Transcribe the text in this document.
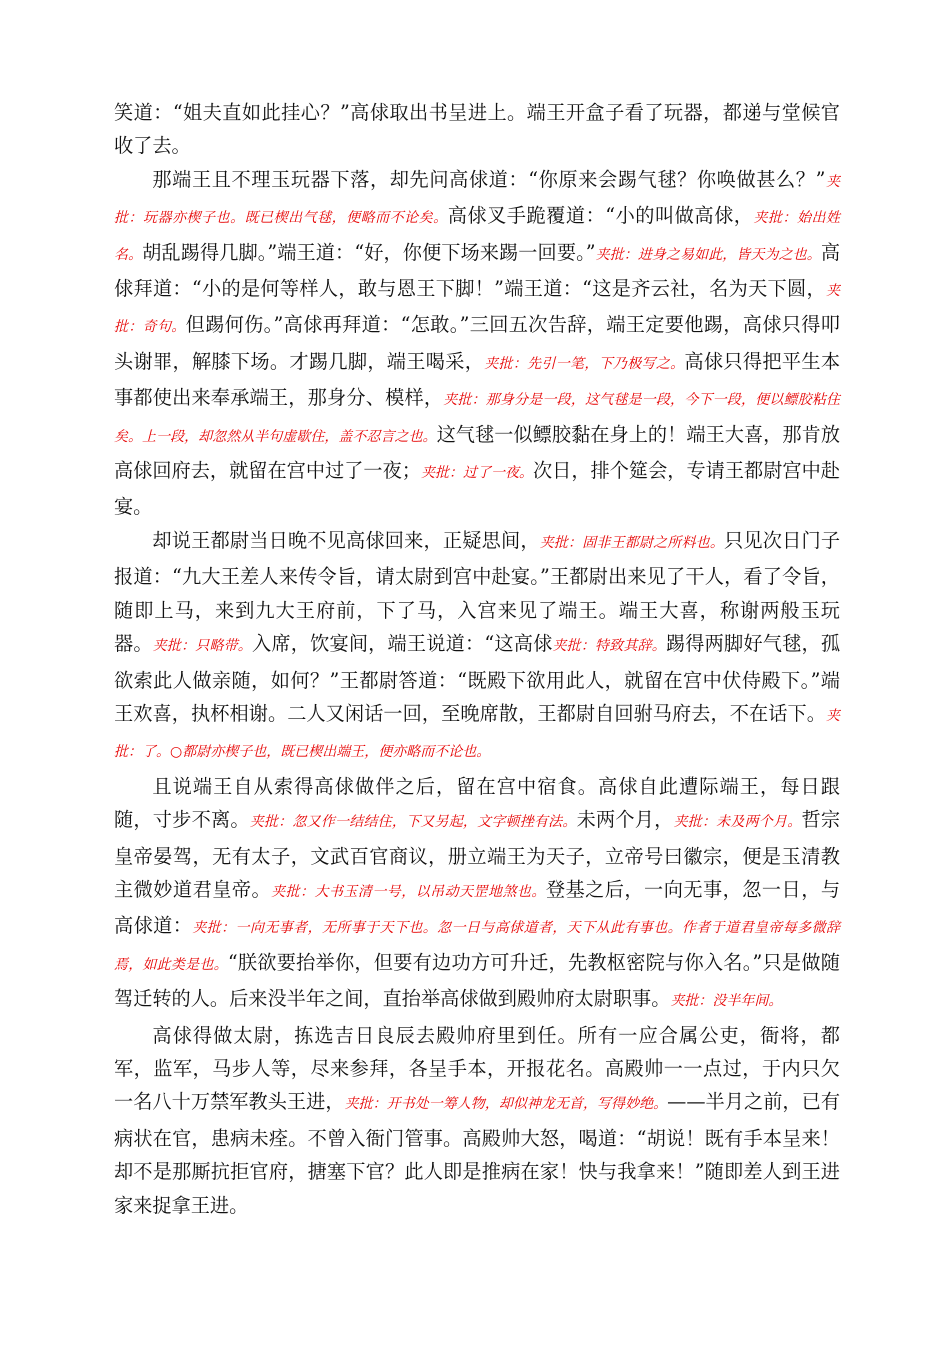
笑道：“姐夫直如此挂心？”高俅取出书呈进上。端王开盒子看了玩器，都递与堂候官收了去。

那端王且不理玉玩器下落，却先问高俅道：“你原来会踢气毬？你唤做甚么？”夹批：玩器亦楔子也。既已楔出气毬，便略而不论矣。高俅叉手跪覆道：“小的叫做高俅，夹批：始出姓名。胡乱踢得几脚。”端王道：“好，你便下场来踢一回要。”夹批：进身之易如此，皆天为之也。高俅拜道：“小的是何等样人，敢与恩王下脚！”端王道：“这是齐云社，名为天下圆，夹批：奇句。但踢何伤。”高俅再拜道：“怎敢。”三回五次告辞，端王定要他踢，高俅只得叩头谢罪，解膝下场。才踢几脚，端王喝采，夹批：先引一笔，下乃极写之。高俅只得把平生本事都使出来奉承端王，那身分、模样，夹批：那身分是一段，这气毬是一段，今下一段，便以鳔胶粘住矣。上一段，却忽然从半句虚歇住，盖不忍言之也。这气毬一似鳔胶黏在身上的！端王大喜，那肯放高俅回府去，就留在宫中过了一夜；夹批：过了一夜。次日，排个筵会，专请王都尉宫中赴宴。

却说王都尉当日晚不见高俅回来，正疑思间，夹批：固非王都尉之所料也。只见次日门子报道：“九大王差人来传令旨，请太尉到宫中赴宴。”王都尉出来见了干人，看了令旨，随即上马，来到九大王府前，下了马，入宫来见了端王。端王大喜，称谢两般玉玩器。夹批：只略带。入席，饮宴间，端王说道：“这高俅夹批：特致其辞。踢得两脚好气毬，孤欲索此人做亲随，如何？”王都尉答道：“既殿下欲用此人，就留在宫中伏侍殿下。”端王欢喜，执杯相谢。二人又闲话一回，至晚席散，王都尉自回驸马府去，不在话下。夹批：了。○都尉亦楔子也，既已楔出端王，便亦略而不论也。

且说端王自从索得高俅做伴之后，留在宫中宿食。高俅自此遭际端王，每日跟随，寸步不离。夹批：忽又作一结结住，下又另起，文字顿挫有法。未两个月，夹批：未及两个月。哲宗皇帝晏驾，无有太子，文武百官商议，册立端王为天子，立帝号曰徽宗，便是玉清教主微妙道君皇帝。夹批：大书玉清一号，以吊动天罡地煞也。登基之后，一向无事，忽一日，与高俅道：夹批：一向无事者，无所事于天下也。忽一日与高俅道者，天下从此有事也。作者于道君皇帝每多微辞焉，如此类是也。“朕欲要抬举你，但要有边功方可升迁，先教枢密院与你入名。”只是做随驾迁转的人。后来没半年之间，直抬举高俅做到殿帅府太尉职事。夹批：没半年间。

高俅得做太尉，拣选吉日良辰去殿帅府里到任。所有一应合属公吏，衙将，都军，监军，马步人等，尽来参拜，各呈手本，开报花名。高殿帅一一点过，于内只欠一名八十万禁军教头王进，夹批：开书处一筹人物，却似神龙无首，写得妙绝。——半月之前，已有病状在官，患病未痊。不曾入衙门管事。高殿帅大怒，喝道：“胡说！既有手本呈来！却不是那厮抗拒官府，搪塞下官？此人即是推病在家！快与我拿来！”随即差人到王进家来捉拿王进。
